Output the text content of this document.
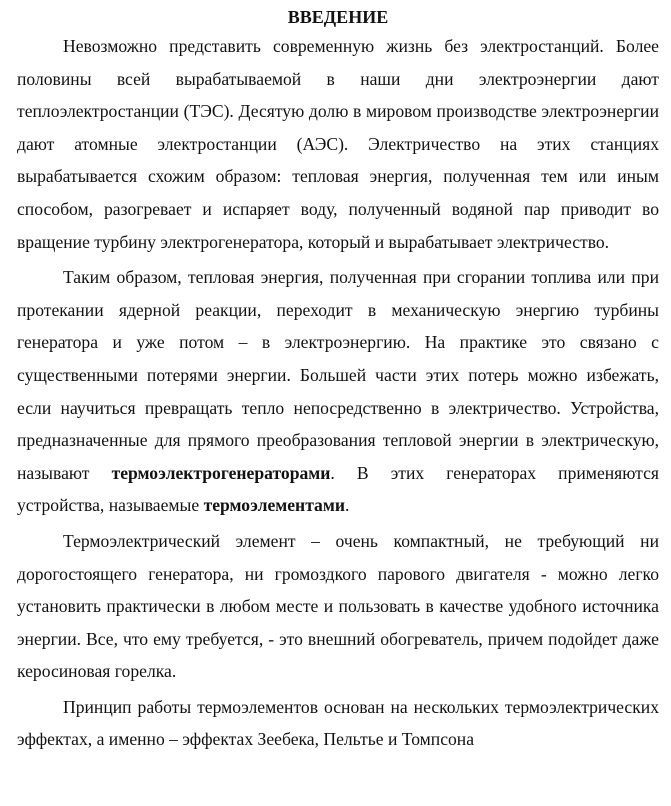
ВВЕДЕНИЕ

Невозможно представить современную жизнь без электростанций. Более половины всей вырабатываемой в наши дни электроэнергии дают теплоэлектростанции (ТЭС). Десятую долю в мировом производстве электроэнергии дают атомные электростанции (АЭС). Электричество на этих станциях вырабатывается схожим образом: тепловая энергия, полученная тем или иным способом, разогревает и испаряет воду, полученный водяной пар приводит во вращение турбину электрогенератора, который и вырабатывает электричество.

Таким образом, тепловая энергия, полученная при сгорании топлива или при протекании ядерной реакции, переходит в механическую энергию турбины генератора и уже потом – в электроэнергию. На практике это связано с существенными потерями энергии. Большей части этих потерь можно избежать, если научиться превращать тепло непосредственно в электричество. Устройства, предназначенные для прямого преобразования тепловой энергии в электрическую, называют термоэлектрогенераторами. В этих генераторах применяются устройства, называемые термоэлементами.

Термоэлектрический элемент – очень компактный, не требующий ни дорогостоящего генератора, ни громоздкого парового двигателя - можно легко установить практически в любом месте и пользовать в качестве удобного источника энергии. Все, что ему требуется, - это внешний обогреватель, причем подойдет даже керосиновая горелка.

Принцип работы термоэлементов основан на нескольких термоэлектрических эффектах, а именно – эффектах Зеебека, Пельтье и Томпсона
